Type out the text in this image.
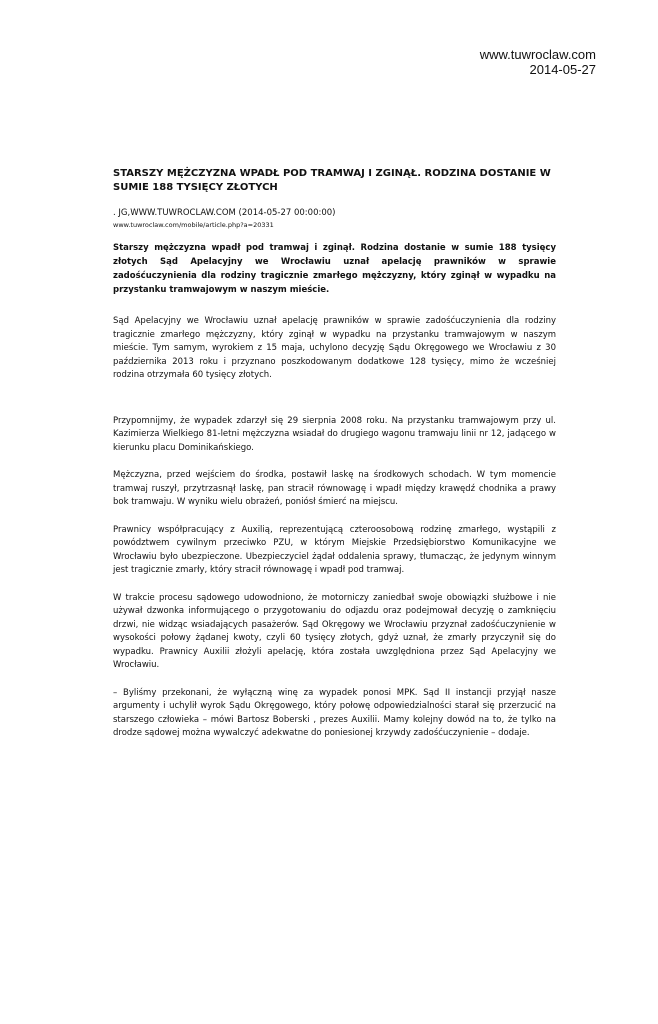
www.tuwroclaw.com
2014-05-27
STARSZY MĘŻCZYZNA WPADŁ POD TRAMWAJ I ZGINĄŁ. RODZINA DOSTANIE W SUMIE 188 TYSIĘCY ZŁOTYCH
. JG,WWW.TUWROCLAW.COM (2014-05-27 00:00:00)
www.tuwroclaw.com/mobile/article.php?a=20331
Starszy mężczyzna wpadł pod tramwaj i zginął. Rodzina dostanie w sumie 188 tysięcy złotych Sąd Apelacyjny we Wrocławiu uznał apelację prawników w sprawie zadośćuczynienia dla rodziny tragicznie zmarłego mężczyzny, który zginął w wypadku na przystanku tramwajowym w naszym mieście.
Sąd Apelacyjny we Wrocławiu uznał apelację prawników w sprawie zadośćuczynienia dla rodziny tragicznie zmarłego mężczyzny, który zginął w wypadku na przystanku tramwajowym w naszym mieście. Tym samym, wyrokiem z 15 maja, uchylono decyzję Sądu Okręgowego we Wrocławiu z 30 października 2013 roku i przyznano poszkodowanym dodatkowe 128 tysięcy, mimo że wcześniej rodzina otrzymała 60 tysięcy złotych.
Przypomnijmy, że wypadek zdarzył się 29 sierpnia 2008 roku. Na przystanku tramwajowym przy ul. Kazimierza Wielkiego 81-letni mężczyzna wsiadał do drugiego wagonu tramwaju linii nr 12, jadącego w kierunku placu Dominikańskiego.
Mężczyzna, przed wejściem do środka, postawił laskę na środkowych schodach. W tym momencie tramwaj ruszył, przytrzasnął laskę, pan stracił równowagę i wpadł między krawędź chodnika a prawy bok tramwaju. W wyniku wielu obrażeń, poniósł śmierć na miejscu.
Prawnicy współpracujący z Auxilią, reprezentującą czteroosobową rodzinę zmarłego, wystąpili z powództwem cywilnym przeciwko PZU, w którym Miejskie Przedsiębiorstwo Komunikacyjne we Wrocławiu było ubezpieczone. Ubezpieczyciel żądał oddalenia sprawy, tłumacząc, że jedynym winnym jest tragicznie zmarły, który stracił równowagę i wpadł pod tramwaj.
W trakcie procesu sądowego udowodniono, że motorniczy zaniedbał swoje obowiązki służbowe i nie używał dzwonka informującego o przygotowaniu do odjazdu oraz podejmował decyzję o zamknięciu drzwi, nie widząc wsiadających pasażerów. Sąd Okręgowy we Wrocławiu przyznał zadośćuczynienie w wysokości połowy żądanej kwoty, czyli 60 tysięcy złotych, gdyż uznał, że zmarły przyczynił się do wypadku. Prawnicy Auxilii złożyli apelację, która została uwzględniona przez Sąd Apelacyjny we Wrocławiu.
– Byliśmy przekonani, że wyłączną winę za wypadek ponosi MPK. Sąd II instancji przyjął nasze argumenty i uchylił wyrok Sądu Okręgowego, który połowę odpowiedzialności starał się przerzucić na starszego człowieka – mówi Bartosz Boberski , prezes Auxilii. Mamy kolejny dowód na to, że tylko na drodze sądowej można wywalczyć adekwatne do poniesionej krzywdy zadośćuczynienie – dodaje.
